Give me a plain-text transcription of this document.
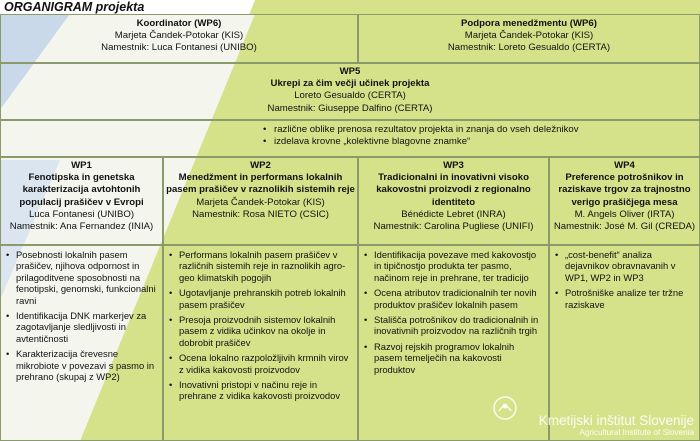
ORGANIGRAM projekta
Koordinator (WP6)
Marjeta Čandek-Potokar (KIS)
Namestnik: Luca Fontanesi (UNIBO)
Podpora menedžmentu (WP6)
Marjeta Čandek-Potokar (KIS)
Namestnik: Loreto Gesualdo (CERTA)
WP5
Ukrepi za čim večji učinek projekta
Loreto Gesualdo (CERTA)
Namestnik: Giuseppe Dalfino (CERTA)
• različne oblike prenosa rezultatov projekta in znanja do vseh deležnikov
• izdelava krovne „kolektivne blagovne znamke“
WP1
Fenotipska in genetska karakterizacija avtohtonih populacij prašičev v Evropi
Luca Fontanesi (UNIBO)
Namestnik: Ana Fernandez (INIA)
WP2
Menedžment in performans lokalnih pasem prašičev v raznolikih sistemih reje
Marjeta Čandek-Potokar (KIS)
Namestnik: Rosa NIETO (CSIC)
WP3
Tradicionalni in inovativni visoko kakovostni proizvodi z regionalno identiteto
Bénédicte Lebret (INRA)
Namestnik: Carolina Pugliese (UNIFI)
WP4
Preference potrošnikov in raziskave trgov za trajnostno verigo prašičjega mesa
M. Angels Oliver (IRTA)
Namestnik: José M. Gil (CREDA)
• Posebnosti lokalnih pasem prašičev, njihova odpornost in prilagoditvene sposobnosti na fenotipski, genomski, funkcionalni ravni
• Identifikacija DNK markerjev za zagotavljanje sledljivosti in avtentičnosti
• Karakterizacija črevesne mikrobiote v povezavi s pasmo in prehrano (skupaj z WP2)
• Performans lokalnih pasem prašičev v različnih sistemih reje in raznolikih agro-geo klimatskih pogojih
• Ugotavljanje prehranskih potreb lokalnih pasem prašičev
• Presoja proizvodnih sistemov lokalnih pasem z vidika učinkov na okolje in dobrobit prašičev
• Ocena lokalno razpoložljivih krmnih virov z vidika kakovosti proizvodov
• Inovativni pristopi v načinu reje in prehrane z vidika kakovosti proizvodov
• Identifikacija povezave med kakovostjo in tipičnostjo produkta ter pasmo, načinom reje in prehrane, ter tradicijo
• Ocena atributov tradicionalnih ter novih produktov prašičev lokalnih pasem
• Stališča potrošnikov do tradicionalnih in inovativnih proizvodov na različnih trgih
• Razvoj rejskih programov lokalnih pasem temelječih na kakovosti produktov
• „cost-benefit“ analiza dejavnikov obravnavanih v WP1, WP2 in WP3
• Potrošniške analize ter tržne raziskave
Kmetijski inštitut Slovenije
Agricultural Institute of Slovenia
